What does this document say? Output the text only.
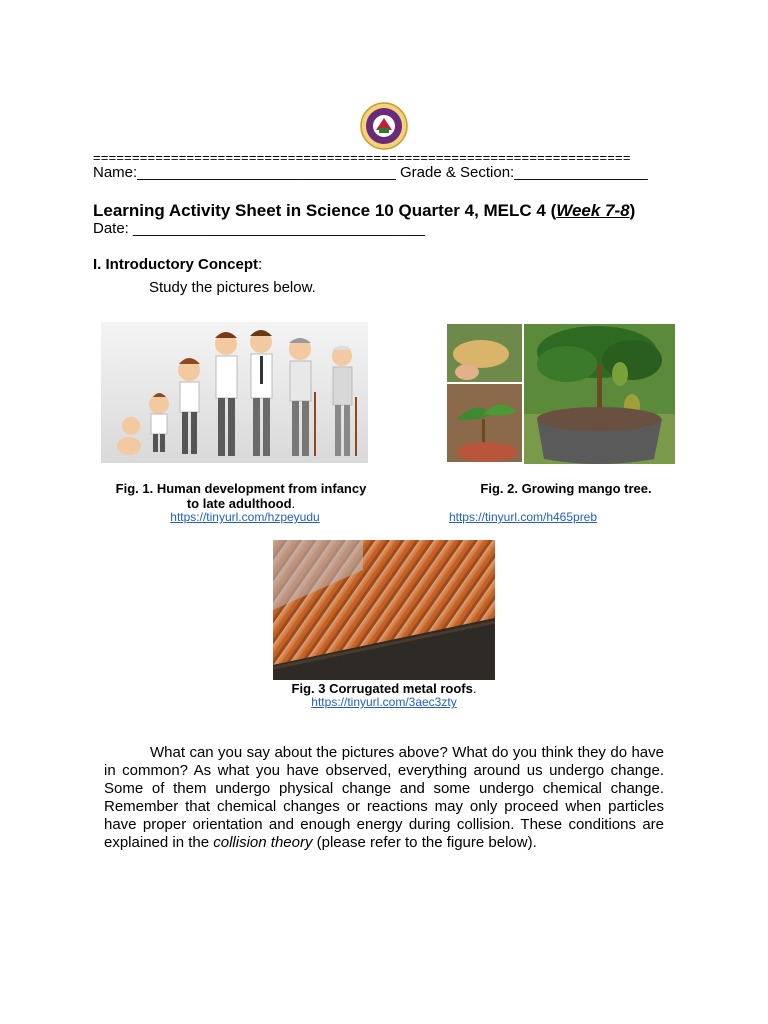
=====================================================================
Name:_______________________________ Grade & Section:________________
Learning Activity Sheet in Science 10 Quarter 4, MELC 4 (Week 7-8)
Date: ___________________________________
I. Introductory Concept:
Study the pictures below.
Fig. 1. Human development from infancy
to late adulthood.
https://tinyurl.com/hzpeyudu
Fig. 2. Growing mango tree.
https://tinyurl.com/h465preb
Fig. 3 Corrugated metal roofs.
https://tinyurl.com/3aec3zty
What can you say about the pictures above? What do you think they do have in common? As what you have observed, everything around us undergo change. Some of them undergo physical change and some undergo chemical change. Remember that chemical changes or reactions may only proceed when particles have proper orientation and enough energy during collision. These conditions are explained in the collision theory (please refer to the figure below).
